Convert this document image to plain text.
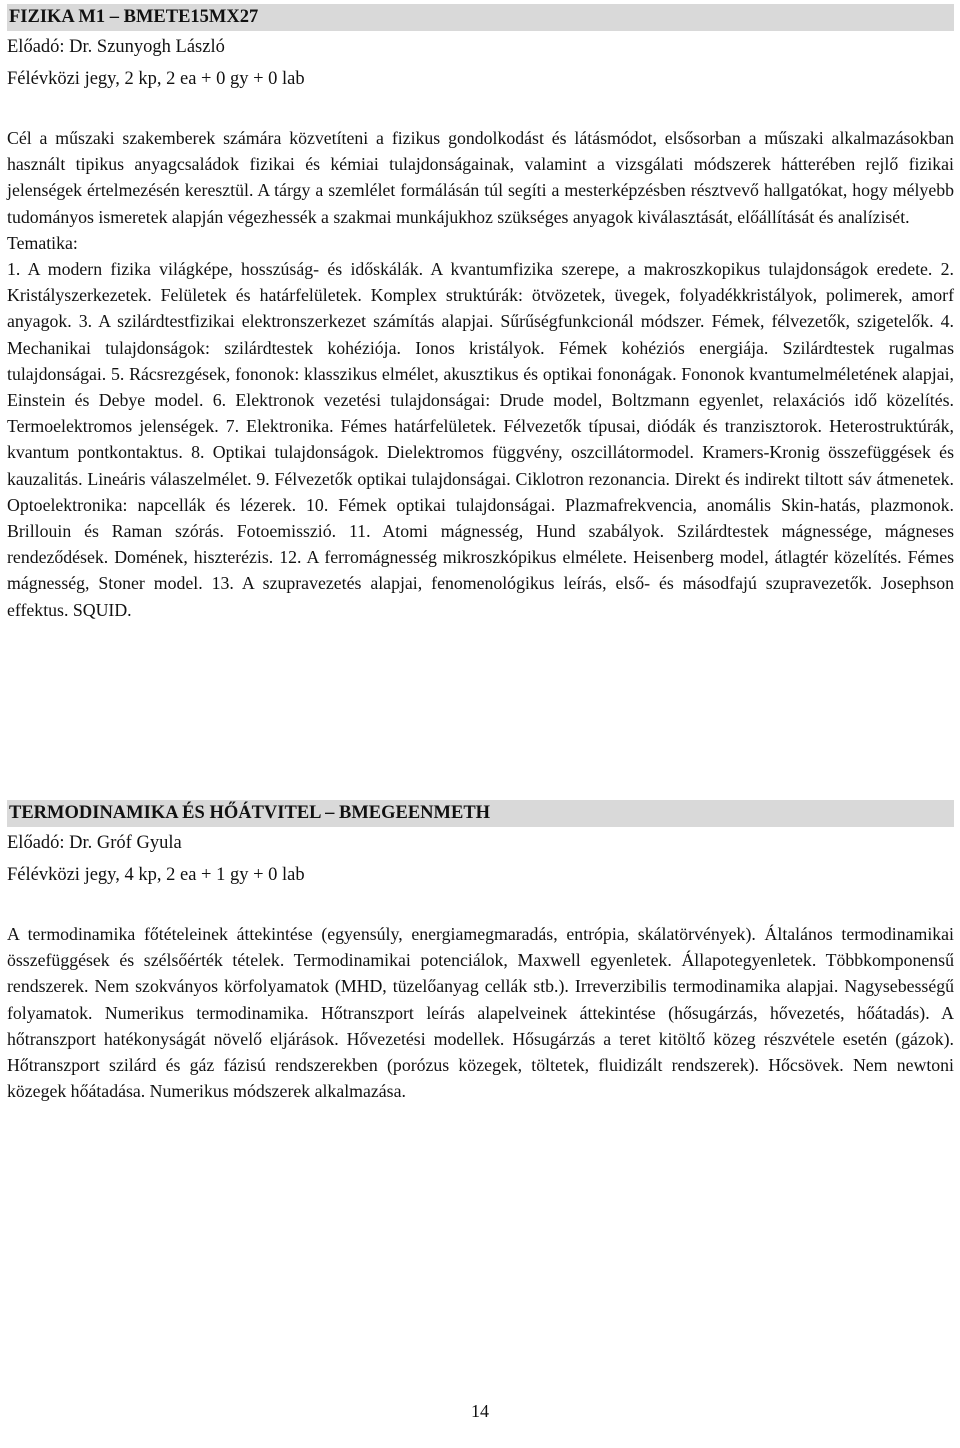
FIZIKA M1 – BMETE15MX27

Előadó: Dr. Szunyogh László

Félévközi jegy, 2 kp, 2 ea + 0 gy + 0 lab

Cél a műszaki szakemberek számára közvetíteni a fizikus gondolkodást és látásmódot, elsősorban a műszaki alkalmazásokban használt tipikus anyagcsaládok fizikai és kémiai tulajdonságainak, valamint a vizsgálati módszerek hátterében rejlő fizikai jelenségek értelmezésén keresztül. A tárgy a szemlélet formálásán túl segíti a mesterképzésben résztvevő hallgatókat, hogy mélyebb tudományos ismeretek alapján végezhessék a szakmai munkájukhoz szükséges anyagok kiválasztását, előállítását és analízisét.

Tematika:

1. A modern fizika világképe, hosszúság- és időskálák. A kvantumfizika szerepe, a makroszkopikus tulajdonságok eredete. 2. Kristályszerkezetek. Felületek és határfelületek. Komplex struktúrák: ötvözetek, üvegek, folyadékkristályok, polimerek, amorf anyagok. 3. A szilárdtestfizikai elektronszerkezet számítás alapjai. Sűrűségfunkcionál módszer. Fémek, félvezetők, szigetelők. 4. Mechanikai tulajdonságok: szilárdtestek kohéziója. Ionos kristályok. Fémek kohéziós energiája. Szilárdtestek rugalmas tulajdonságai. 5. Rácsrezgések, fononok: klasszikus elmélet, akusztikus és optikai fononágak. Fononok kvantumelméletének alapjai, Einstein és Debye model. 6. Elektronok vezetési tulajdonságai: Drude model, Boltzmann egyenlet, relaxációs idő közelítés. Termoelektromos jelenségek. 7. Elektronika. Fémes határfelületek. Félvezetők típusai, diódák és tranzisztorok. Heterostruktúrák, kvantum pontkontaktus. 8. Optikai tulajdonságok. Dielektromos függvény, oszcillátormodel. Kramers-Kronig összefüggések és kauzalitás. Lineáris válaszelmélet. 9. Félvezetők optikai tulajdonságai. Ciklotron rezonancia. Direkt és indirekt tiltott sáv átmenetek. Optoelektronika: napcellák és lézerek. 10. Fémek optikai tulajdonságai. Plazmafrekvencia, anomális Skin-hatás, plazmonok. Brillouin és Raman szórás. Fotoemisszió. 11. Atomi mágnesség, Hund szabályok. Szilárdtestek mágnessége, mágneses rendeződések. Domének, hiszterézis. 12. A ferromágnesség mikroszkópikus elmélete. Heisenberg model, átlagtér közelítés. Fémes mágnesség, Stoner model. 13. A szupravezetés alapjai, fenomenológikus leírás, első- és másodfajú szupravezetők. Josephson effektus. SQUID.

TERMODINAMIKA ÉS HŐÁTVITEL – BMEGEENMETH

Előadó: Dr. Gróf Gyula

Félévközi jegy, 4 kp, 2 ea + 1 gy + 0 lab

A termodinamika főtételeinek áttekintése (egyensúly, energiamegmaradás, entrópia, skálatörvények). Általános termodinamikai összefüggések és szélsőérték tételek. Termodinamikai potenciálok, Maxwell egyenletek. Állapotegyenletek. Többkomponensű rendszerek. Nem szokványos körfolyamatok (MHD, tüzelőanyag cellák stb.). Irreverzibilis termodinamika alapjai. Nagysebességű folyamatok. Numerikus termodinamika. Hőtranszport leírás alapelveinek áttekintése (hősugárzás, hővezetés, hőátadás). A hőtranszport hatékonyságát növelő eljárások. Hővezetési modellek. Hősugárzás a teret kitöltő közeg részvétele esetén (gázok). Hőtranszport szilárd és gáz fázisú rendszerekben (porózus közegek, töltetek, fluidizált rendszerek). Hőcsövek. Nem newtoni közegek hőátadása. Numerikus módszerek alkalmazása.

14
